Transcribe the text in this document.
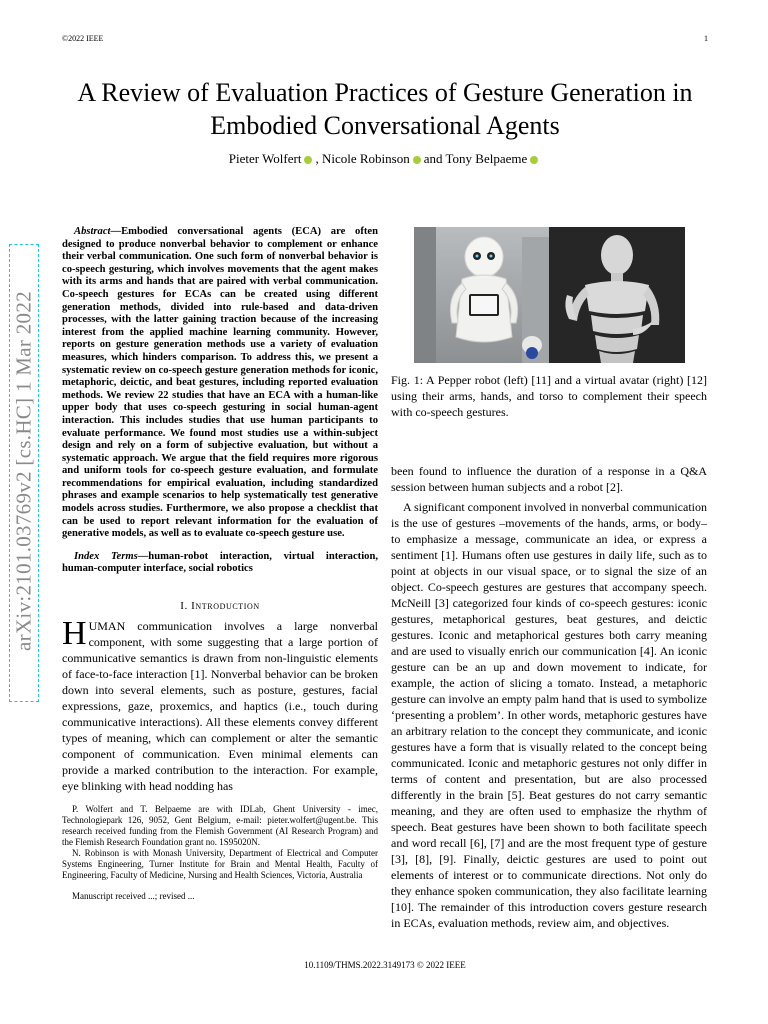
©2022 IEEE	1
arXiv:2101.03769v2 [cs.HC] 1 Mar 2022
A Review of Evaluation Practices of Gesture Generation in Embodied Conversational Agents
Pieter Wolfert , Nicole Robinson and Tony Belpaeme

Abstract—Embodied conversational agents (ECA) are often designed to produce nonverbal behavior to complement or enhance their verbal communication. One such form of nonverbal behavior is co-speech gesturing, which involves movements that the agent makes with its arms and hands that are paired with verbal communication. Co-speech gestures for ECAs can be created using different generation methods, divided into rule-based and data-driven processes, with the latter gaining traction because of the increasing interest from the applied machine learning community. However, reports on gesture generation methods use a variety of evaluation measures, which hinders comparison. To address this, we present a systematic review on co-speech gesture generation methods for iconic, metaphoric, deictic, and beat gestures, including reported evaluation methods. We review 22 studies that have an ECA with a human-like upper body that uses co-speech gesturing in social human-agent interaction. This includes studies that use human participants to evaluate performance. We found most studies use a within-subject design and rely on a form of subjective evaluation, but without a systematic approach. We argue that the field requires more rigorous and uniform tools for co-speech gesture evaluation, and formulate recommendations for empirical evaluation, including standardized phrases and example scenarios to help systematically test generative models across studies. Furthermore, we also propose a checklist that can be used to report relevant information for the evaluation of generative models, as well as to evaluate co-speech gesture use.

Index Terms—human-robot interaction, virtual interaction, human-computer interface, social robotics

I. Introduction

HUMAN communication involves a large nonverbal component, with some suggesting that a large portion of communicative semantics is drawn from non-linguistic elements of face-to-face interaction [1]. Nonverbal behavior can be broken down into several elements, such as posture, gestures, facial expressions, gaze, proxemics, and haptics (i.e., touch during communicative interactions). All these elements convey different types of meaning, which can complement or alter the semantic component of communication. Even minimal elements can provide a marked contribution to the interaction. For example, eye blinking with head nodding has

P. Wolfert and T. Belpaeme are with IDLab, Ghent University - imec, Technologiepark 126, 9052, Gent Belgium, e-mail: pieter.wolfert@ugent.be. This research received funding from the Flemish Government (AI Research Program) and the Flemish Research Foundation grant no. 1S95020N.

N. Robinson is with Monash University, Department of Electrical and Computer Systems Engineering, Turner Institute for Brain and Mental Health, Faculty of Engineering, Faculty of Medicine, Nursing and Health Sciences, Victoria, Australia

Manuscript received ...; revised ...

Fig. 1: A Pepper robot (left) [11] and a virtual avatar (right) [12] using their arms, hands, and torso to complement their speech with co-speech gestures.

been found to influence the duration of a response in a Q&A session between human subjects and a robot [2].

A significant component involved in nonverbal communication is the use of gestures –movements of the hands, arms, or body– to emphasize a message, communicate an idea, or express a sentiment [1]. Humans often use gestures in daily life, such as to point at objects in our visual space, or to signal the size of an object. Co-speech gestures are gestures that accompany speech. McNeill [3] categorized four kinds of co-speech gestures: iconic gestures, metaphorical gestures, beat gestures, and deictic gestures. Iconic and metaphorical gestures both carry meaning and are used to visually enrich our communication [4]. An iconic gesture can be an up and down movement to indicate, for example, the action of slicing a tomato. Instead, a metaphoric gesture can involve an empty palm hand that is used to symbolize ‘presenting a problem’. In other words, metaphoric gestures have an arbitrary relation to the concept they communicate, and iconic gestures have a form that is visually related to the concept being communicated. Iconic and metaphoric gestures not only differ in terms of content and presentation, but are also processed differently in the brain [5]. Beat gestures do not carry semantic meaning, and they are often used to emphasize the rhythm of speech. Beat gestures have been shown to both facilitate speech and word recall [6], [7] and are the most frequent type of gesture [3], [8], [9]. Finally, deictic gestures are used to point out elements of interest or to communicate directions. Not only do they enhance spoken communication, they also facilitate learning [10]. The remainder of this introduction covers gesture research in ECAs, evaluation methods, review aim, and objectives.

10.1109/THMS.2022.3149173 © 2022 IEEE
